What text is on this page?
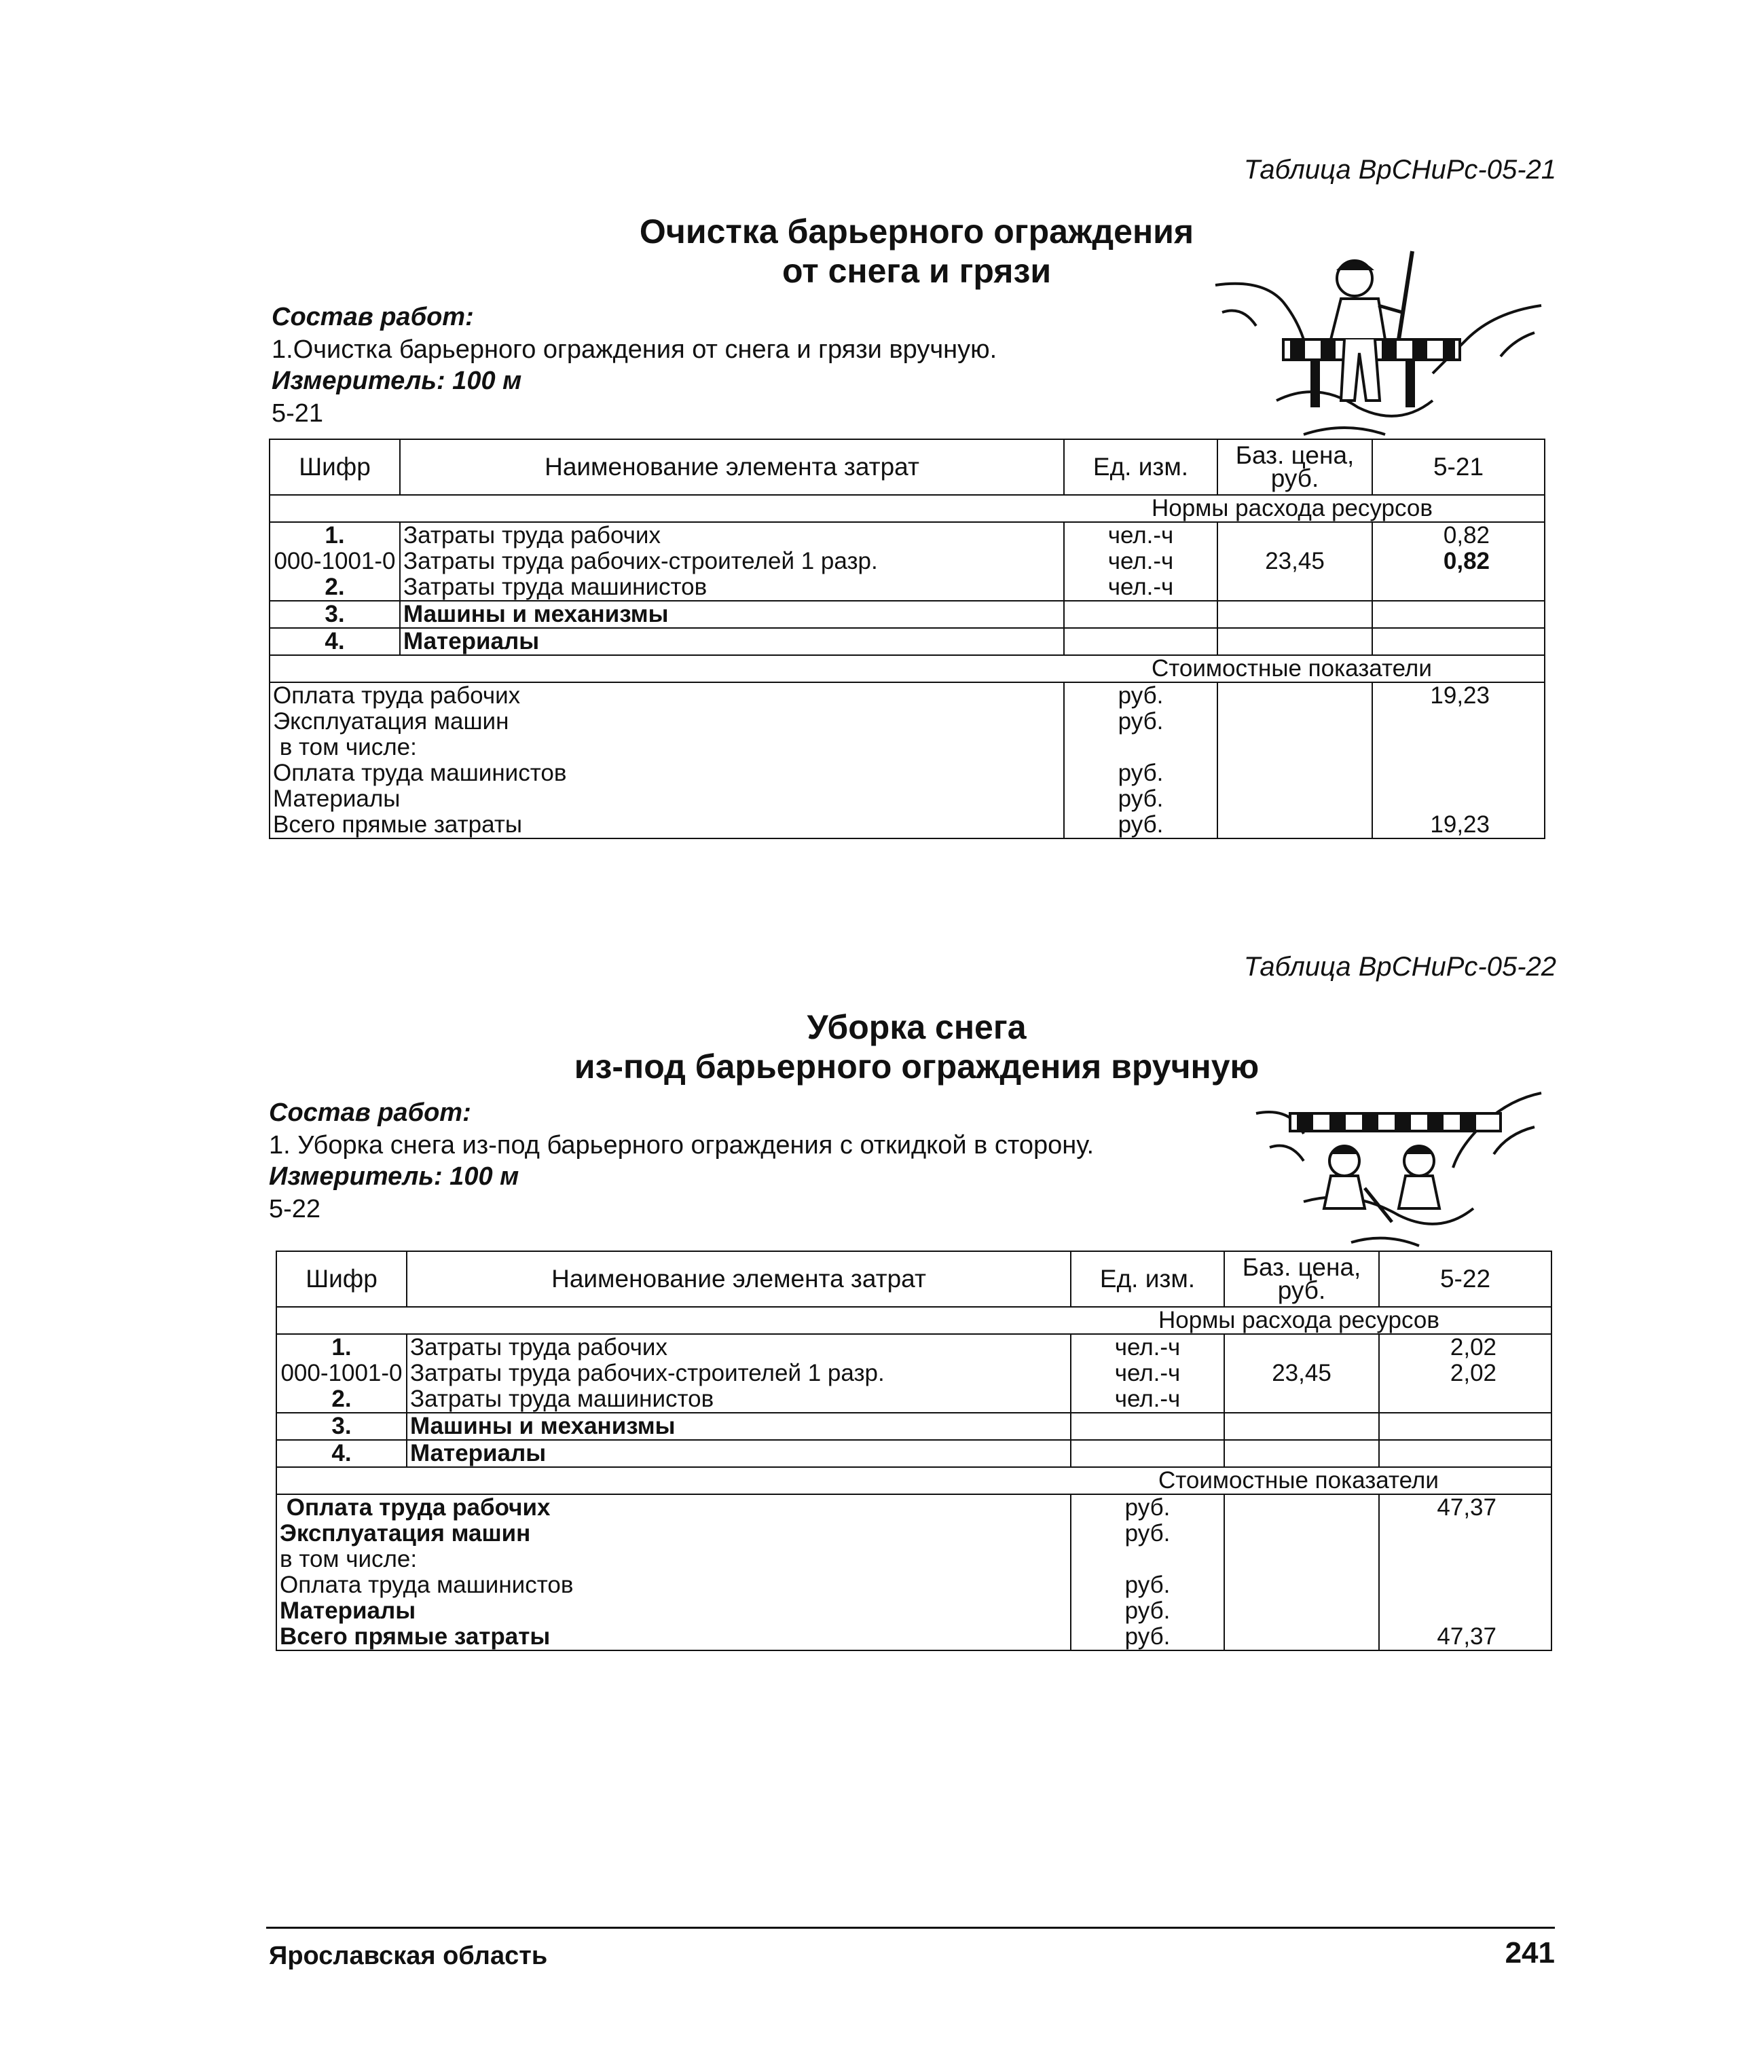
Таблица ВрСНиРс-05-21
Очистка барьерного ограждения
от снега и грязи
Состав работ:
1.Очистка барьерного ограждения от снега и грязи вручную.
Измеритель: 100 м
5-21
Шифр	Наименование элемента затрат	Ед. изм.	Баз. цена,
руб.	5-21
Нормы расхода ресурсов				
1.	Затраты труда рабочих	чел.-ч		0,82
000-1001-0	Затраты труда рабочих-строителей 1 разр.	чел.-ч	23,45	0,82
2.	Затраты труда машинистов	чел.-ч		
3.	Машины и механизмы			
4.	Материалы			
Стоимостные показатели				
Оплата труда рабочих		руб.		19,23
Эксплуатация машин		руб.		
в том числе:				
Оплата труда машинистов		руб.		
Материалы		руб.		
Всего прямые затраты		руб.		19,23
Таблица ВрСНиРс-05-22
Уборка снега
из-под барьерного ограждения вручную
Состав работ:
1. Уборка снега из-под барьерного ограждения с откидкой в сторону.
Измеритель: 100 м
5-22
Шифр	Наименование элемента затрат	Ед. изм.	Баз. цена,
руб.	5-22
Нормы расхода ресурсов				
1.	Затраты труда рабочих	чел.-ч		2,02
000-1001-0	Затраты труда рабочих-строителей 1 разр.	чел.-ч	23,45	2,02
2.	Затраты труда машинистов	чел.-ч		
3.	Машины и механизмы			
4.	Материалы			
Стоимостные показатели				
Оплата труда рабочих		руб.		47,37
Эксплуатация машин		руб.		
в том числе:				
Оплата труда машинистов		руб.		
Материалы		руб.		
Всего прямые затраты		руб.		47,37
Ярославская область	241
